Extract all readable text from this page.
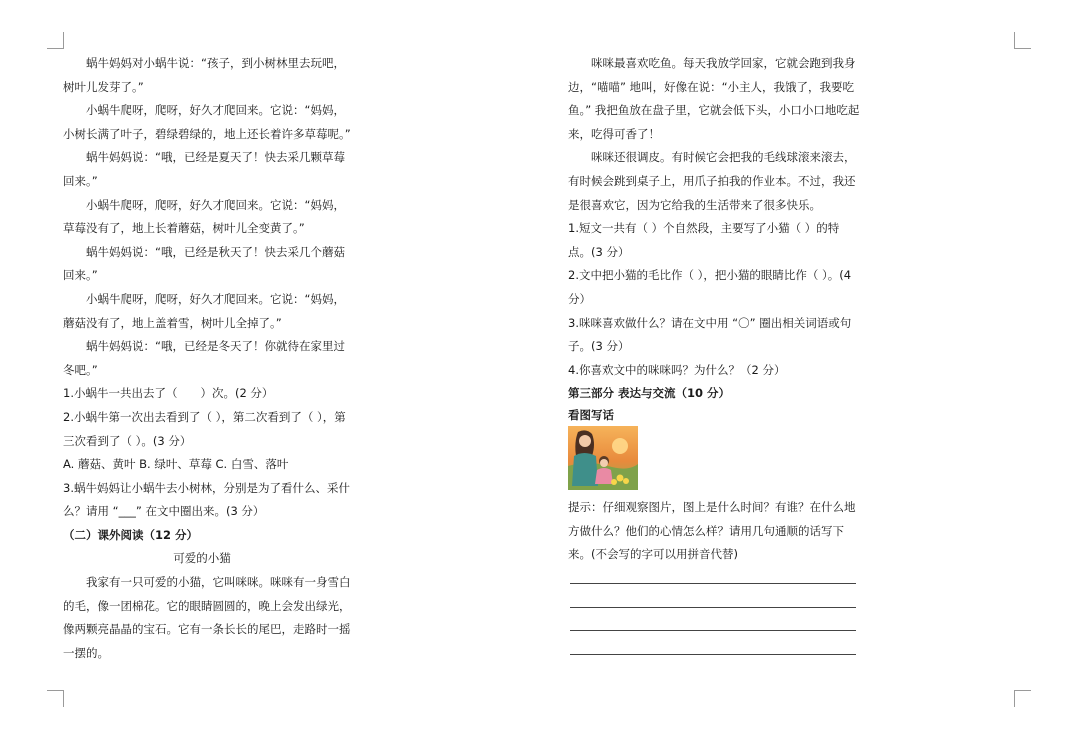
蜗牛妈妈对小蜗牛说：“孩子，到小树林里去玩吧，树叶儿发芽了。”

小蜗牛爬呀，爬呀，好久才爬回来。它说：“妈妈，小树长满了叶子，碧绿碧绿的，地上还长着许多草莓呢。”

蜗牛妈妈说：“哦，已经是夏天了！快去采几颗草莓回来。”

小蜗牛爬呀，爬呀，好久才爬回来。它说：“妈妈，草莓没有了，地上长着蘑菇，树叶儿全变黄了。”

蜗牛妈妈说：“哦，已经是秋天了！快去采几个蘑菇回来。”

小蜗牛爬呀，爬呀，好久才爬回来。它说：“妈妈，蘑菇没有了，地上盖着雪，树叶儿全掉了。”

蜗牛妈妈说：“哦，已经是冬天了！你就待在家里过冬吧。”

1.小蜗牛一共出去了（　　）次。(2 分）

2.小蜗牛第一次出去看到了（ ），第二次看到了（ ），第三次看到了（ ）。(3 分）

A. 蘑菇、黄叶 B. 绿叶、草莓 C. 白雪、落叶

3.蜗牛妈妈让小蜗牛去小树林，分别是为了看什么、采什么？请用 “___” 在文中圈出来。(3 分）

（二）课外阅读（12 分）

可爱的小猫

我家有一只可爱的小猫，它叫咪咪。咪咪有一身雪白的毛，像一团棉花。它的眼睛圆圆的，晚上会发出绿光，像两颗亮晶晶的宝石。它有一条长长的尾巴，走路时一摇一摆的。

咪咪最喜欢吃鱼。每天我放学回家，它就会跑到我身边，“喵喵” 地叫，好像在说：“小主人，我饿了，我要吃鱼。” 我把鱼放在盘子里，它就会低下头，小口小口地吃起来，吃得可香了！

咪咪还很调皮。有时候它会把我的毛线球滚来滚去，有时候会跳到桌子上，用爪子拍我的作业本。不过，我还是很喜欢它，因为它给我的生活带来了很多快乐。

1.短文一共有（ ）个自然段，主要写了小猫（ ）的特点。(3 分）

2.文中把小猫的毛比作（ ），把小猫的眼睛比作（ ）。(4 分）

3.咪咪喜欢做什么？请在文中用 “〇” 圈出相关词语或句子。(3 分）

4.你喜欢文中的咪咪吗？为什么？（2 分）

第三部分 表达与交流（10 分）

看图写话

提示：仔细观察图片，图上是什么时间？有谁？在什么地方做什么？他们的心情怎么样？请用几句通顺的话写下来。(不会写的字可以用拼音代替)
